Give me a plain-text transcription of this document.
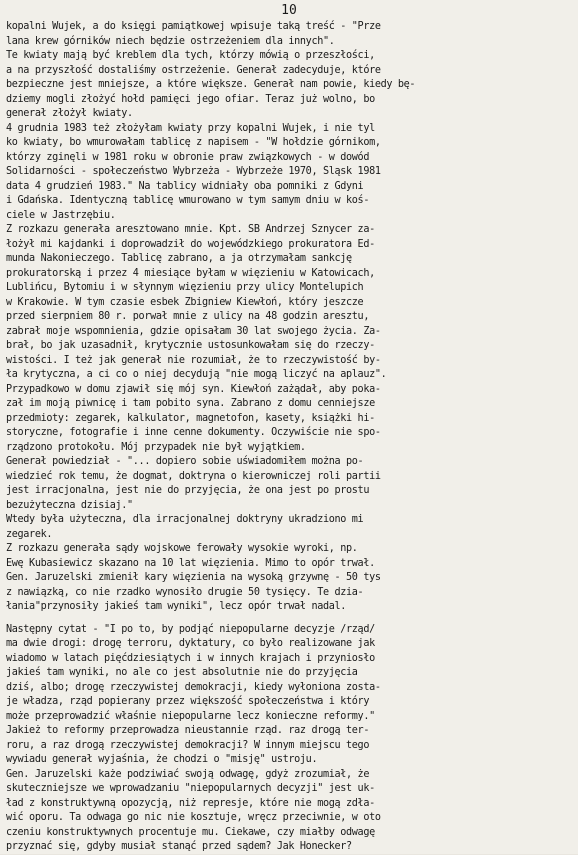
10
kopalni Wujek, a do księgi pamiątkowej wpisuje taką treść - "Prze
lana krew górników niech będzie ostrzeżeniem dla innych".
Te kwiaty mają być kreblem dla tych, którzy mówią o przeszłości,
a na przyszłość dostaliśmy ostrzeżenie. Generał zadecyduje, które
bezpieczne jest mniejsze, a które większe. Generał nam powie, kiedy bę-
dziemy mogli złożyć hołd pamięci jego ofiar. Teraz już wolno, bo
generał złożył kwiaty.
4 grudnia 1983 też złożyłam kwiaty przy kopalni Wujek, i nie tyl
ko kwiaty, bo wmurowałam tablicę z napisem - "W hołdzie górnikom,
którzy zginęli w 1981 roku w obronie praw związkowych - w dowód
Solidarności - społeczeństwo Wybrzeża - Wybrzeże 1970, Śląsk 1981
data 4 grudzień 1983." Na tablicy widniały oba pomniki z Gdyni
i Gdańska. Identyczną tablicę wmurowano w tym samym dniu w koś-
ciele w Jastrzębiu.
Z rozkazu generała aresztowano mnie. Kpt. SB Andrzej Sznycer za-
łożył mi kajdanki i doprowadził do wojewódzkiego prokuratora Ed-
munda Nakonieczego. Tablicę zabrano, a ja otrzymałam sankcję
prokuratorską i przez 4 miesiące byłam w więzieniu w Katowicach,
Lublińcu, Bytomiu i w słynnym więzieniu przy ulicy Montelupich
w Krakowie. W tym czasie esbek Zbigniew Kiewłoń, który jeszcze
przed sierpniem 80 r. porwał mnie z ulicy na 48 godzin aresztu,
zabrał moje wspomnienia, gdzie opisałam 30 lat swojego życia. Za-
brał, bo jak uzasadnił, krytycznie ustosunkowałam się do rzeczy-
wistości. I też jak generał nie rozumiał, że to rzeczywistość by-
ła krytyczna, a ci co o niej decydują "nie mogą liczyć na aplauz".
Przypadkowo w domu zjawił się mój syn. Kiewłoń zażądał, aby poka-
zał im moją piwnicę i tam pobito syna. Zabrano z domu cenniejsze
przedmioty: zegarek, kalkulator, magnetofon, kasety, książki hi-
storyczne, fotografie i inne cenne dokumenty. Oczywiście nie spo-
rządzono protokołu. Mój przypadek nie był wyjątkiem.
Generał powiedział - "... dopiero sobie uświadomiłem można po-
wiedzieć rok temu, że dogmat, doktryna o kierowniczej roli partii
jest irracjonalna, jest nie do przyjęcia, że ona jest po prostu
bezużyteczna dzisiaj."
Wtedy była użyteczna, dla irracjonalnej doktryny ukradziono mi
zegarek.
Z rozkazu generała sądy wojskowe ferowały wysokie wyroki, np.
Ewę Kubasiewicz skazano na 10 lat więzienia. Mimo to opór trwał.
Gen. Jaruzelski zmienił kary więzienia na wysoką grzywnę - 50 tys
z nawiązką, co nie rzadko wynosiło drugie 50 tysięcy. Te dzia-
łania"przynosiły jakieś tam wyniki", lecz opór trwał nadal.
Następny cytat - "I po to, by podjąć niepopularne decyzje /rząd/
ma dwie drogi: drogę terroru, dyktatury, co było realizowane jak
wiadomo w latach pięćdziesiątych i w innych krajach i przyniosło
jakieś tam wyniki, no ale co jest absolutnie nie do przyjęcia
dziś, albo; drogę rzeczywistej demokracji, kiedy wyłoniona zosta-
je władza, rząd popierany przez większość społeczeństwa i który
może przeprowadzić właśnie niepopularne lecz konieczne reformy."
Jakież to reformy przeprowadza nieustannie rząd. raz drogą ter-
roru, a raz drogą rzeczywistej demokracji? W innym miejscu tego
wywiadu generał wyjaśnia, że chodzi o "misję" ustroju.
Gen. Jaruzelski każe podziwiać swoją odwagę, gdyż zrozumiał, że
skuteczniejsze we wprowadzaniu "niepopularnych decyzji" jest uk-
ład z konstruktywną opozycją, niż represje, które nie mogą zdła-
wić oporu. Ta odwaga go nic nie kosztuje, wręcz przeciwnie, w oto
czeniu konstruktywnych procentuje mu. Ciekawe, czy miałby odwagę
przyznać się, gdyby musiał stanąć przed sądem? Jak Honecker?
